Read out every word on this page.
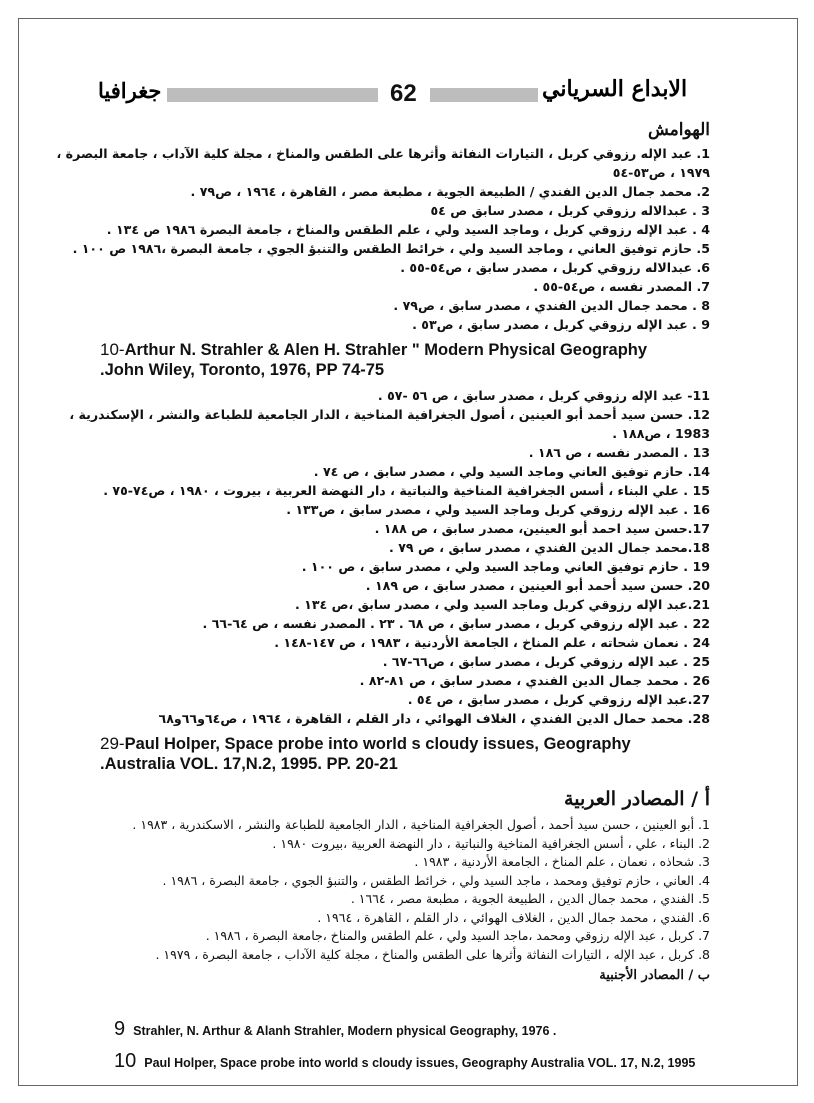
جغرافيا	62	الابداع السرياني
الهوامش
1. عبد الإله رزوقي كربل ، التيارات النفاثة وأثرها على الطقس والمناخ ، مجلة كلية الآداب ، جامعة البصرة ،
١٩٧٩ ، ص٥٣-٥٤
2. محمد جمال الدين الفندي / الطبيعة الجوية ، مطبعة مصر ، القاهرة ، ١٩٦٤ ، ص٧٩ .
3 . عبدالاله رزوقي كربل ، مصدر سابق ص ٥٤
4 . عبد الإله رزوقي كربل ، وماجد السيد ولي ، علم الطقس والمناخ ، جامعة البصرة ١٩٨٦ ص ١٣٤ .
5. حازم توفيق العاني ، وماجد السيد ولي ، خرائط الطقس والتنبؤ الجوي ، جامعة البصرة ،١٩٨٦ ص ١٠٠ .
6. عبدالاله رزوقي كربل ، مصدر سابق ، ص٥٤-٥٥ .
7. المصدر نفسه ، ص٥٤-٥٥ .
8 . محمد جمال الدين الفندي ، مصدر سابق ، ص٧٩ .
9 . عبد الإله رزوقي كربل ، مصدر سابق ، ص٥٣ .
10-Arthur N. Strahler & Alen H. Strahler " Modern Physical Geography
.John Wiley, Toronto, 1976, PP 74-75
11- عبد الإله رزوقي كربل ، مصدر سابق ، ص ٥٦ -٥٧ .
12. حسن سيد أحمد أبو العينين ، أصول الجغرافية المناخية ، الدار الجامعية للطباعة والنشر ، الإسكندرية ،
1983 ، ص١٨٨ .
13 . المصدر نفسه ، ص ١٨٦ .
14. حازم توفيق العاني وماجد السيد ولي ، مصدر سابق ، ص ٧٤ .
15 . علي البناء ، أسس الجغرافية المناخية والنباتية ، دار النهضة العربية ، بيروت ، ١٩٨٠ ، ص٧٤-٧٥ .
16 . عبد الإله رزوقي كربل وماجد السيد ولي ، مصدر سابق ، ص١٣٣ .
17.حسن سيد احمد أبو العينين، مصدر سابق ، ص ١٨٨ .
18.محمد جمال الدين الفندي ، مصدر سابق ، ص ٧٩ .
19 . حازم توفيق العاني وماجد السيد ولي ، مصدر سابق ، ص ١٠٠ .
20. حسن سيد أحمد أبو العينين ، مصدر سابق ، ص ١٨٩ .
21.عبد الإله رزوقي كربل وماجد السيد ولي ، مصدر سابق ،ص ١٣٤ .
22 . عبد الإله رزوقي كربل ، مصدر سابق ، ص ٦٨ . ٢٣ . المصدر نفسه ، ص ٦٤-٦٦ .
24 . نعمان شحاته ، علم المناخ ، الجامعة الأردنية ، ١٩٨٣ ، ص ١٤٧-١٤٨ .
25 . عبد الإله رزوقي كربل ، مصدر سابق ، ص٦٦-٦٧ .
26 . محمد جمال الدين الفندي ، مصدر سابق ، ص ٨١-٨٢ .
27.عبد الإله رزوقي كربل ، مصدر سابق ، ص ٥٤ .
28. محمد حمال الدين الفندي ، الغلاف الهوائي ، دار القلم ، القاهرة ، ١٩٦٤ ، ص٦٤و٦٦و٦٨
29-Paul Holper, Space probe into world s cloudy issues, Geography
.Australia VOL. 17,N.2, 1995. PP. 20-21
أ / المصادر العربية
1. أبو العينين ، حسن سيد أحمد ، أصول الجغرافية المناخية ، الدار الجامعية للطباعة والنشر ، الاسكندرية ، ١٩٨٣ .
2. البناء ، علي ، أسس الجغرافية المناخية والنباتية ، دار النهضة العربية ،بيروت ١٩٨٠ .
3. شحاذه ، نعمان ، علم المناخ ، الجامعة الأردنية ، ١٩٨٣ .
4. العاني ، حازم توفيق ومحمد ، ماجد السيد ولي ، خرائط الطقس ، والتنبؤ الجوي ، جامعة البصرة ، ١٩٨٦ .
5. الفندي ، محمد جمال الدين ، الطبيعة الجوية ، مطبعة مصر ، ١٦٦٤ .
6. الفندي ، محمد جمال الدين ، الغلاف الهوائي ، دار القلم ، القاهرة ، ١٩٦٤ .
7. كربل ، عبد الإله رزوقي ومحمد ،ماجد السيد ولي ، علم الطقس والمناخ ،جامعة البصرة ، ١٩٨٦ .
8. كربل ، عبد الإله ، التيارات النفاثة وأثرها على الطقس والمناخ ، مجلة كلية الآداب ، جامعة البصرة ، ١٩٧٩ .
ب / المصادر الأجنبية
9 Strahler, N. Arthur & Alanh Strahler, Modern physical Geography, 1976 .
10 Paul Holper, Space probe into world s cloudy issues, Geography Australia VOL. 17, N.2, 1995
